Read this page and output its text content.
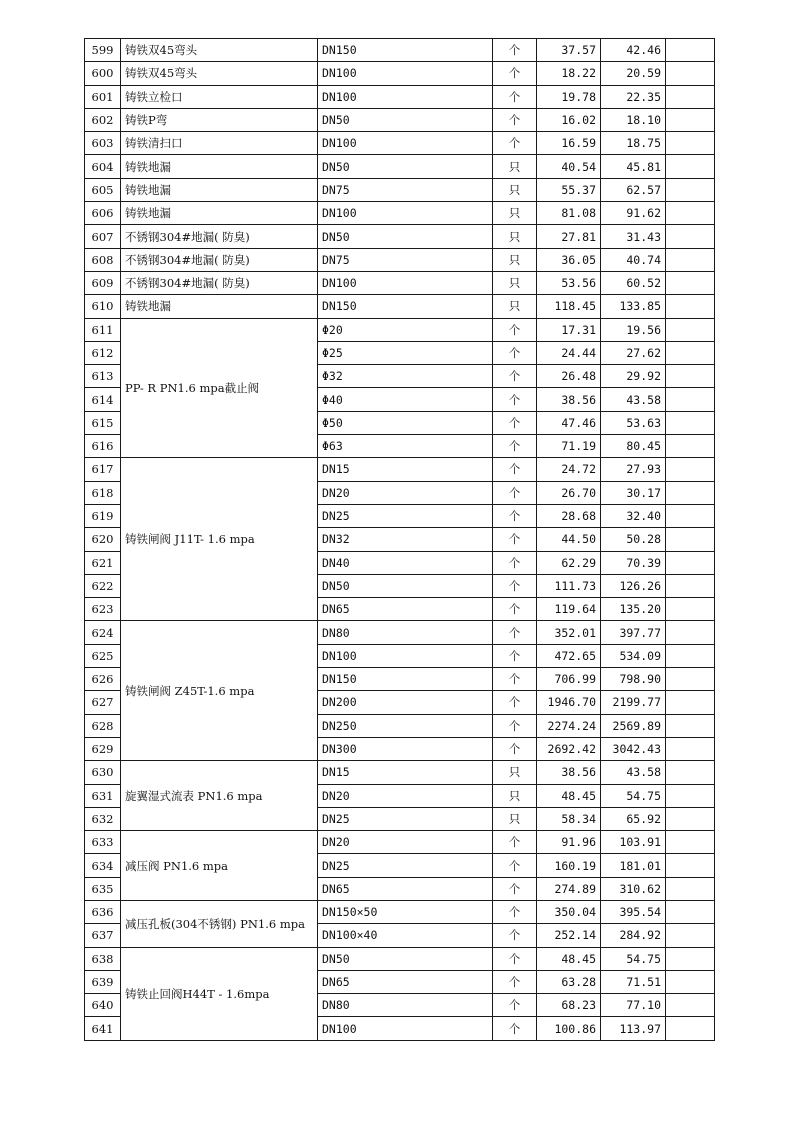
599	铸铁双45弯头	DN150	个	37.57	42.46	
600	铸铁双45弯头	DN100	个	18.22	20.59	
601	铸铁立检口	DN100	个	19.78	22.35	
602	铸铁P弯	DN50	个	16.02	18.10	
603	铸铁清扫口	DN100	个	16.59	18.75	
604	铸铁地漏	DN50	只	40.54	45.81	
605	铸铁地漏	DN75	只	55.37	62.57	
606	铸铁地漏	DN100	只	81.08	91.62	
607	不锈钢304#地漏( 防臭)	DN50	只	27.81	31.43	
608	不锈钢304#地漏( 防臭)	DN75	只	36.05	40.74	
609	不锈钢304#地漏( 防臭)	DN100	只	53.56	60.52	
610	铸铁地漏	DN150	只	118.45	133.85	
611	PP- R PN1.6 mpa截止阀	Φ20	个	17.31	19.56	
612		Φ25	个	24.44	27.62	
613		Φ32	个	26.48	29.92	
614		Φ40	个	38.56	43.58	
615		Φ50	个	47.46	53.63	
616		Φ63	个	71.19	80.45	
617	铸铁闸阀 J11T- 1.6 mpa	DN15	个	24.72	27.93	
618		DN20	个	26.70	30.17	
619		DN25	个	28.68	32.40	
620		DN32	个	44.50	50.28	
621		DN40	个	62.29	70.39	
622		DN50	个	111.73	126.26	
623		DN65	个	119.64	135.20	
624	铸铁闸阀 Z45T-1.6 mpa	DN80	个	352.01	397.77	
625		DN100	个	472.65	534.09	
626		DN150	个	706.99	798.90	
627		DN200	个	1946.70	2199.77	
628		DN250	个	2274.24	2569.89	
629		DN300	个	2692.42	3042.43	
630	旋翼湿式流表 PN1.6 mpa	DN15	只	38.56	43.58	
631		DN20	只	48.45	54.75	
632		DN25	只	58.34	65.92	
633	减压阀 PN1.6 mpa	DN20	个	91.96	103.91	
634		DN25	个	160.19	181.01	
635		DN65	个	274.89	310.62	
636	减压孔板(304不锈钢) PN1.6 mpa	DN150×50	个	350.04	395.54	
637		DN100×40	个	252.14	284.92	
638	铸铁止回阀H44T - 1.6mpa	DN50	个	48.45	54.75	
639		DN65	个	63.28	71.51	
640		DN80	个	68.23	77.10	
641		DN100	个	100.86	113.97	
